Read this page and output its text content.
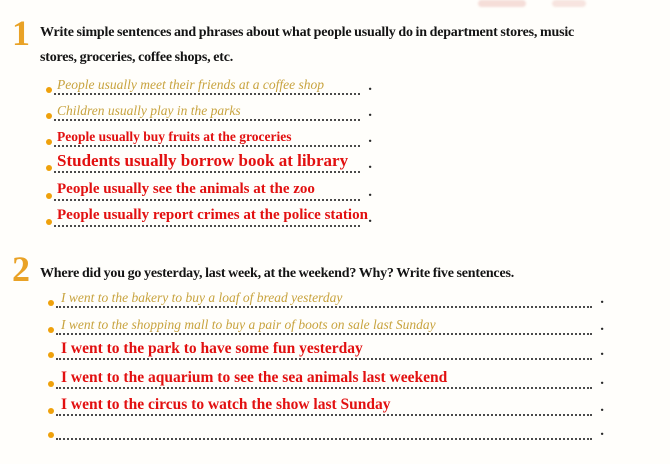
1 Write simple sentences and phrases about what people usually do in department stores, music
stores, groceries, coffee shops, etc.
People usually meet their friends at a coffee shop	.
Children usually play in the parks	.
People usually buy fruits at the groceries	.
Students usually borrow book at library .
People usually see the animals at the zoo	.
People usually report crimes at the police station .
2 Where did you go yesterday, last week, at the weekend? Why? Write five sentences.
I went to the bakery to buy a loaf of bread yesterday	.
I went to the shopping mall to buy a pair of boots on sale last Sunday	.
I went to the park to have some fun yesterday	.
I went to the aquarium to see the sea animals last weekend	.
I went to the circus to watch the show last Sunday	.
.
